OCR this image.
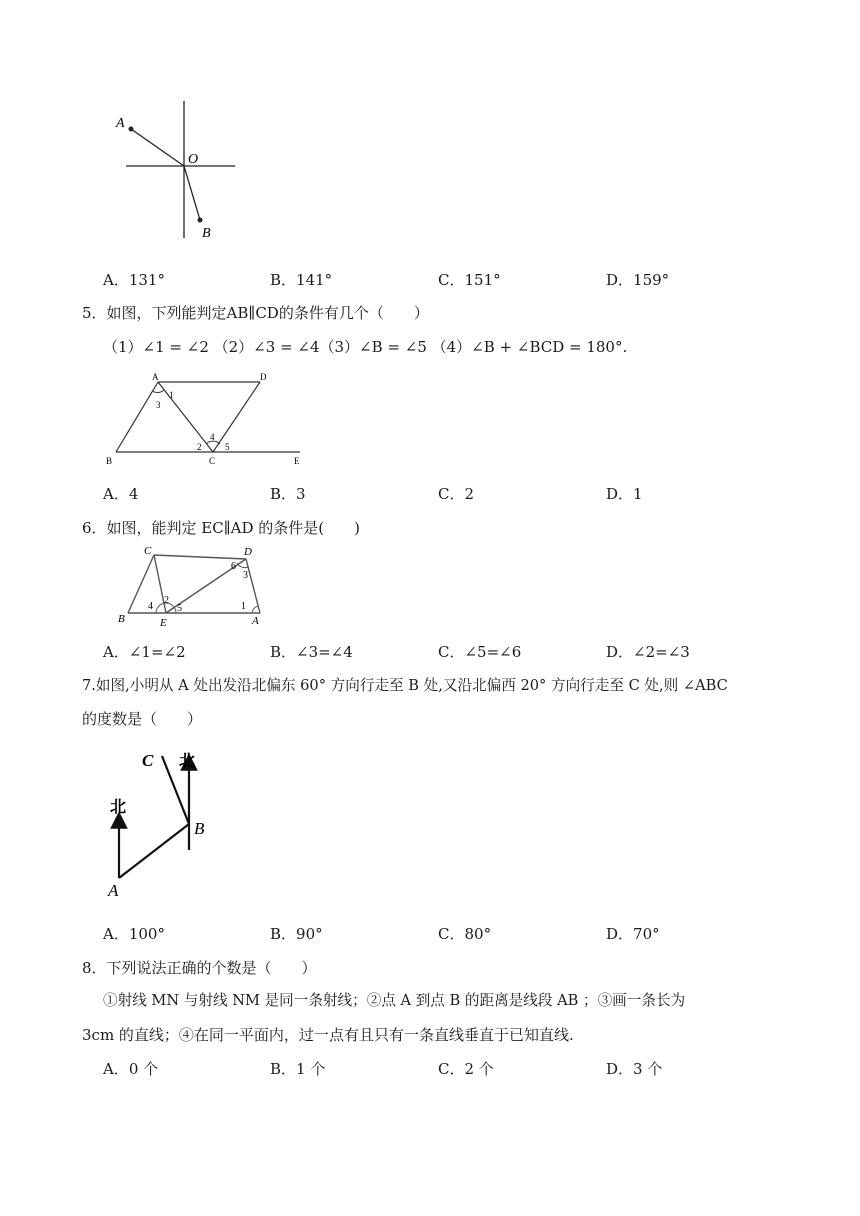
A
O
B
A．131°	B．141°	C．151°	D．159°
5．如图，下列能判定AB∥CD的条件有几个（　　）
（1）∠1 = ∠2 （2）∠3 = ∠4（3）∠B = ∠5 （4）∠B + ∠BCD = 180°.
A	D
B	C	E
1
3
2
4
5
A．4	B．3	C．2	D．1
6．如图，能判定 EC∥AD 的条件是(　　)
C	D
B	E	A
6
3
4
2
5	1
A．∠1=∠2	B．∠3=∠4	C．∠5=∠6	D．∠2=∠3
7.如图,小明从 A 处出发沿北偏东 60° 方向行走至 B 处,又沿北偏西 20° 方向行走至 C 处,则 ∠ABC
的度数是（　　）
C 北
北
B
A
A．100°	B．90°	C．80°	D．70°
8．下列说法正确的个数是（　　）
①射线 MN 与射线 NM 是同一条射线；②点 A 到点 B 的距离是线段 AB ；③画一条长为
3cm 的直线；④在同一平面内，过一点有且只有一条直线垂直于已知直线.
A．0 个	B．1 个	C．2 个	D．3 个
